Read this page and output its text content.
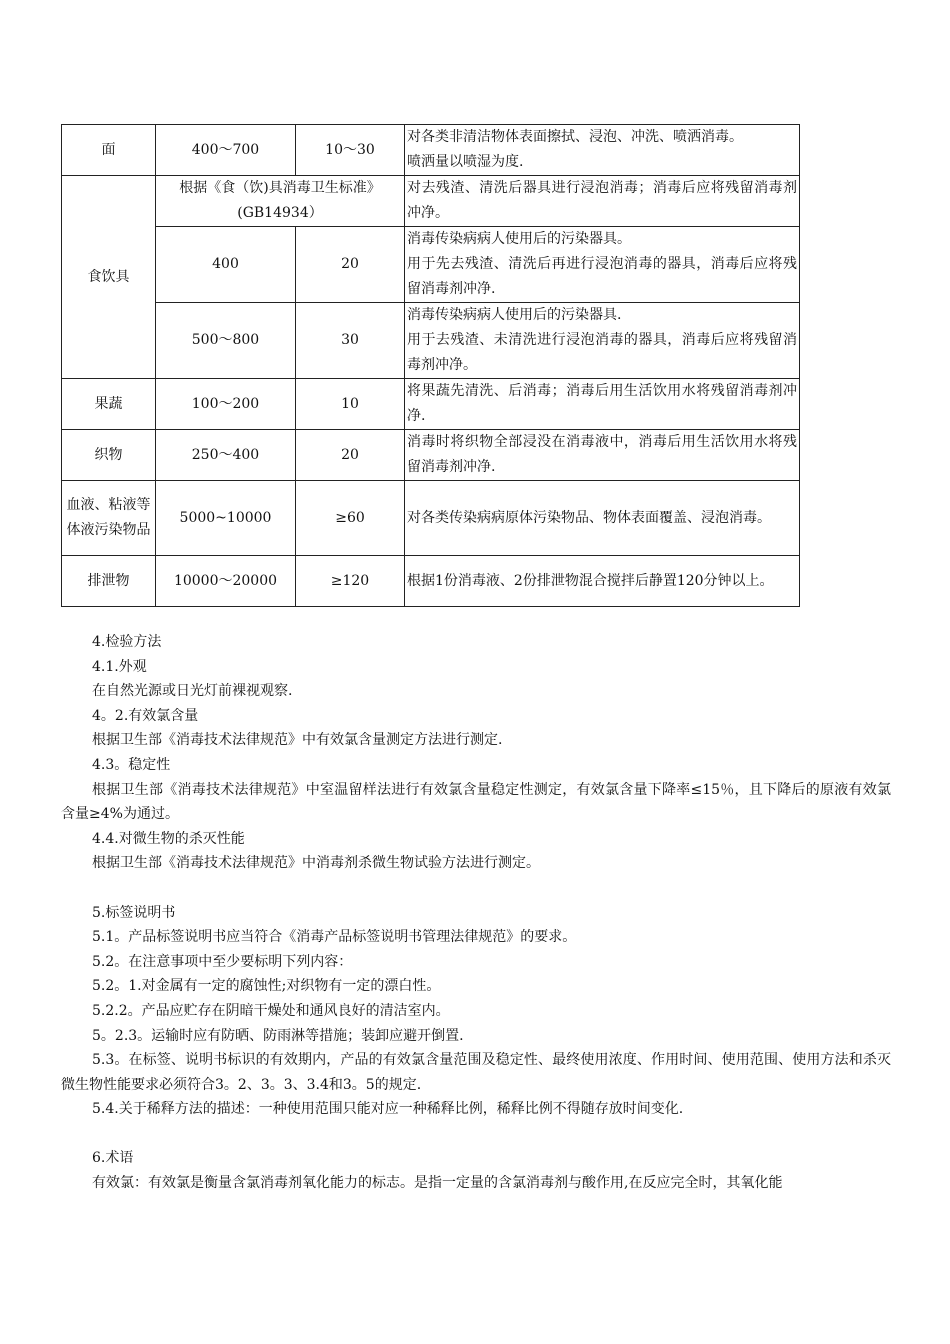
面	400～700	10～30	对各类非清洁物体表面擦拭、浸泡、冲洗、喷洒消毒。
喷洒量以喷湿为度.

食饮具	根据《食（饮)具消毒卫生标准》(GB14934）		对去残渣、清洗后器具进行浸泡消毒；消毒后应将残留消毒剂冲净。

	400	20	消毒传染病病人使用后的污染器具。
用于先去残渣、清洗后再进行浸泡消毒的器具，消毒后应将残留消毒剂冲净.

	500～800	30	消毒传染病病人使用后的污染器具.
用于去残渣、未清洗进行浸泡消毒的器具，消毒后应将残留消毒剂冲净。

果蔬	100～200	10	将果蔬先清洗、后消毒；消毒后用生活饮用水将残留消毒剂冲净.

织物	250～400	20	消毒时将织物全部浸没在消毒液中，消毒后用生活饮用水将残留消毒剂冲净.

血液、粘液等体液污染物品	5000~10000	≥60	对各类传染病病原体污染物品、物体表面覆盖、浸泡消毒。

排泄物	10000～20000	≥120	根据1份消毒液、2份排泄物混合搅拌后静置120分钟以上。

4.检验方法

4.1.外观

在自然光源或日光灯前裸视观察.

4。2.有效氯含量

根据卫生部《消毒技术法律规范》中有效氯含量测定方法进行测定.

4.3。稳定性

根据卫生部《消毒技术法律规范》中室温留样法进行有效氯含量稳定性测定，有效氯含量下降率≤15％，且下降后的原液有效氯含量≥4%为通过。

4.4.对微生物的杀灭性能

根据卫生部《消毒技术法律规范》中消毒剂杀微生物试验方法进行测定。

5.标签说明书

5.1。产品标签说明书应当符合《消毒产品标签说明书管理法律规范》的要求。

5.2。在注意事项中至少要标明下列内容：

5.2。1.对金属有一定的腐蚀性;对织物有一定的漂白性。

5.2.2。产品应贮存在阴暗干燥处和通风良好的清洁室内。

5。2.3。运输时应有防晒、防雨淋等措施；装卸应避开倒置.

5.3。在标签、说明书标识的有效期内，产品的有效氯含量范围及稳定性、最终使用浓度、作用时间、使用范围、使用方法和杀灭微生物性能要求必须符合3。2、3。3、3.4和3。5的规定.

5.4.关于稀释方法的描述：一种使用范围只能对应一种稀释比例，稀释比例不得随存放时间变化.

6.术语

有效氯：有效氯是衡量含氯消毒剂氧化能力的标志。是指一定量的含氯消毒剂与酸作用,在反应完全时，其氧化能
